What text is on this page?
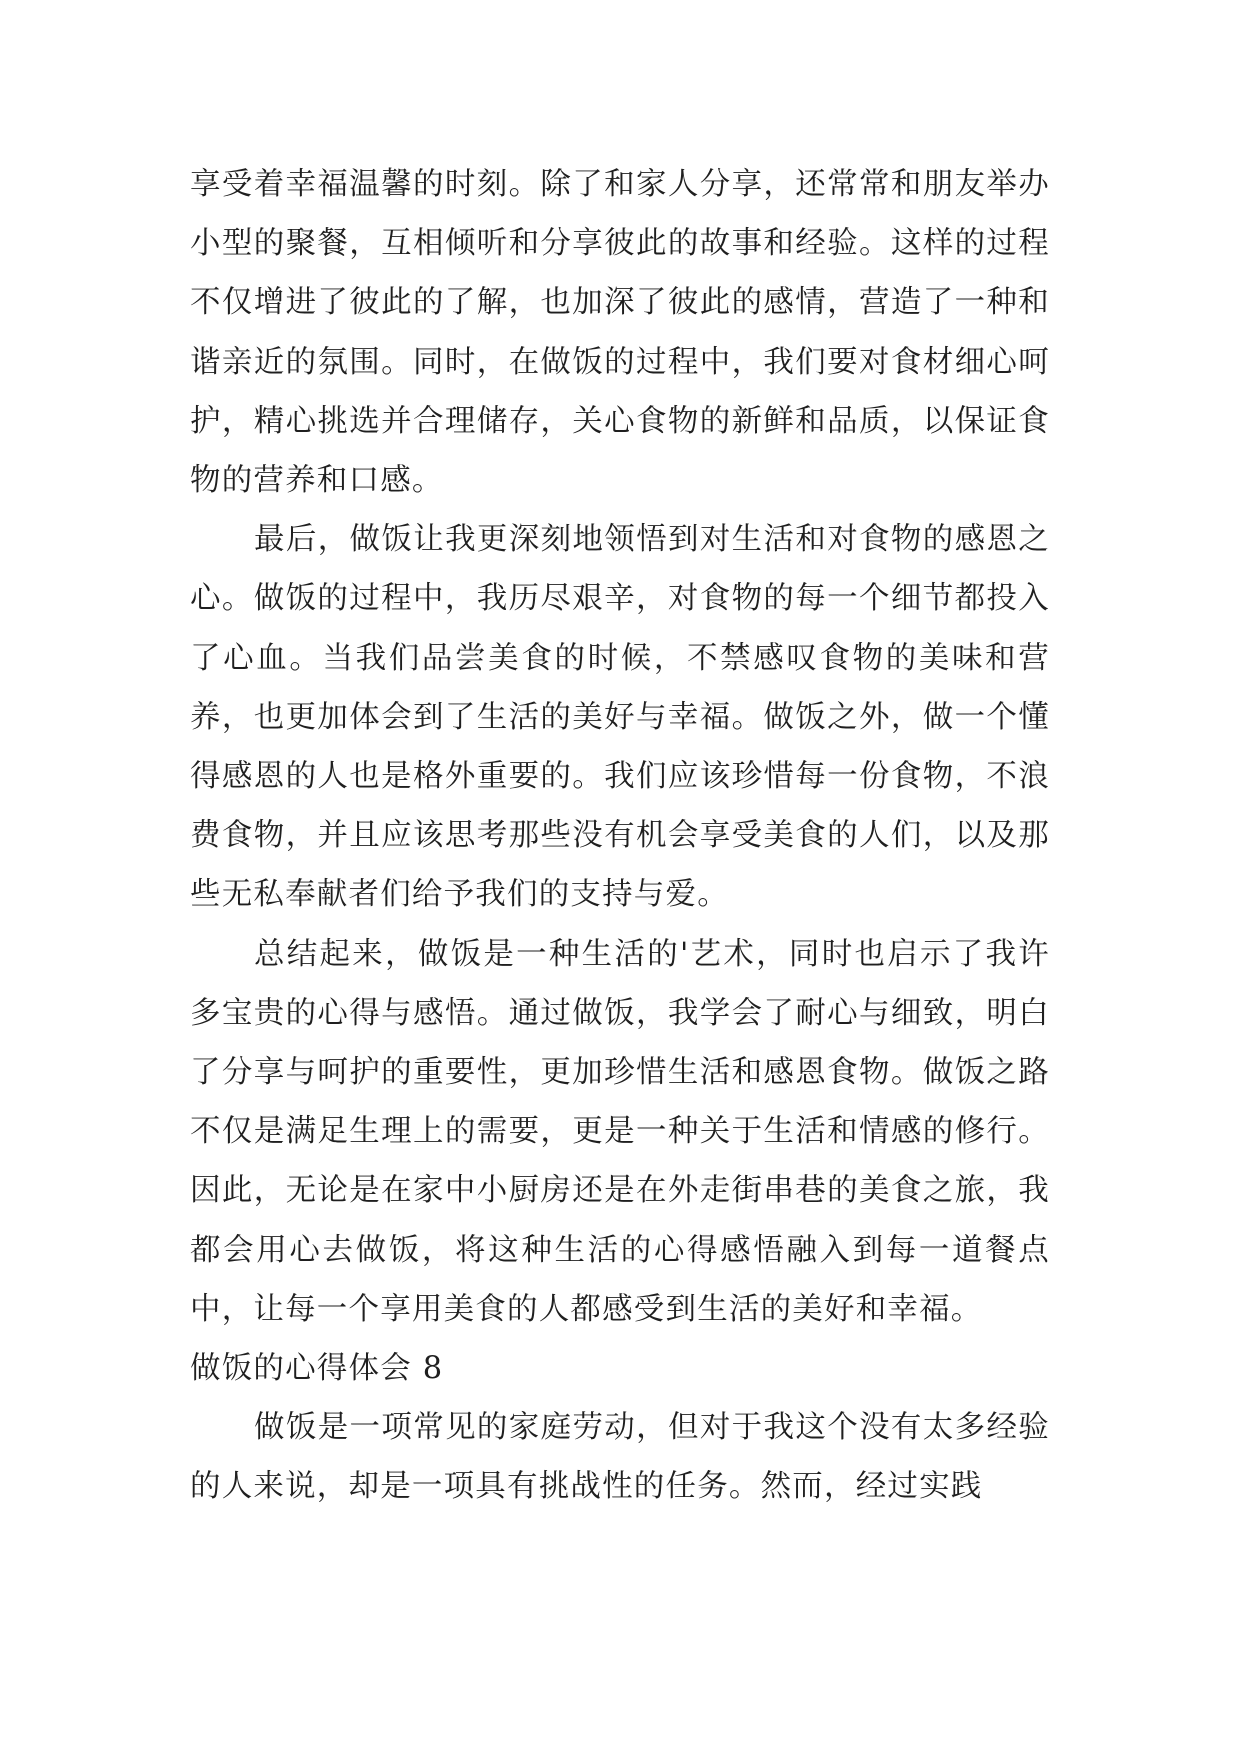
享受着幸福温馨的时刻。除了和家人分享，还常常和朋友举办小型的聚餐，互相倾听和分享彼此的故事和经验。这样的过程不仅增进了彼此的了解，也加深了彼此的感情，营造了一种和谐亲近的氛围。同时，在做饭的过程中，我们要对食材细心呵护，精心挑选并合理储存，关心食物的新鲜和品质，以保证食物的营养和口感。

最后，做饭让我更深刻地领悟到对生活和对食物的感恩之心。做饭的过程中，我历尽艰辛，对食物的每一个细节都投入了心血。当我们品尝美食的时候，不禁感叹食物的美味和营养，也更加体会到了生活的美好与幸福。做饭之外，做一个懂得感恩的人也是格外重要的。我们应该珍惜每一份食物，不浪费食物，并且应该思考那些没有机会享受美食的人们，以及那些无私奉献者们给予我们的支持与爱。

总结起来，做饭是一种生活的'艺术，同时也启示了我许多宝贵的心得与感悟。通过做饭，我学会了耐心与细致，明白了分享与呵护的重要性，更加珍惜生活和感恩食物。做饭之路不仅是满足生理上的需要，更是一种关于生活和情感的修行。因此，无论是在家中小厨房还是在外走街串巷的美食之旅，我都会用心去做饭，将这种生活的心得感悟融入到每一道餐点中，让每一个享用美食的人都感受到生活的美好和幸福。

做饭的心得体会 8

做饭是一项常见的家庭劳动，但对于我这个没有太多经验的人来说，却是一项具有挑战性的任务。然而，经过实践
